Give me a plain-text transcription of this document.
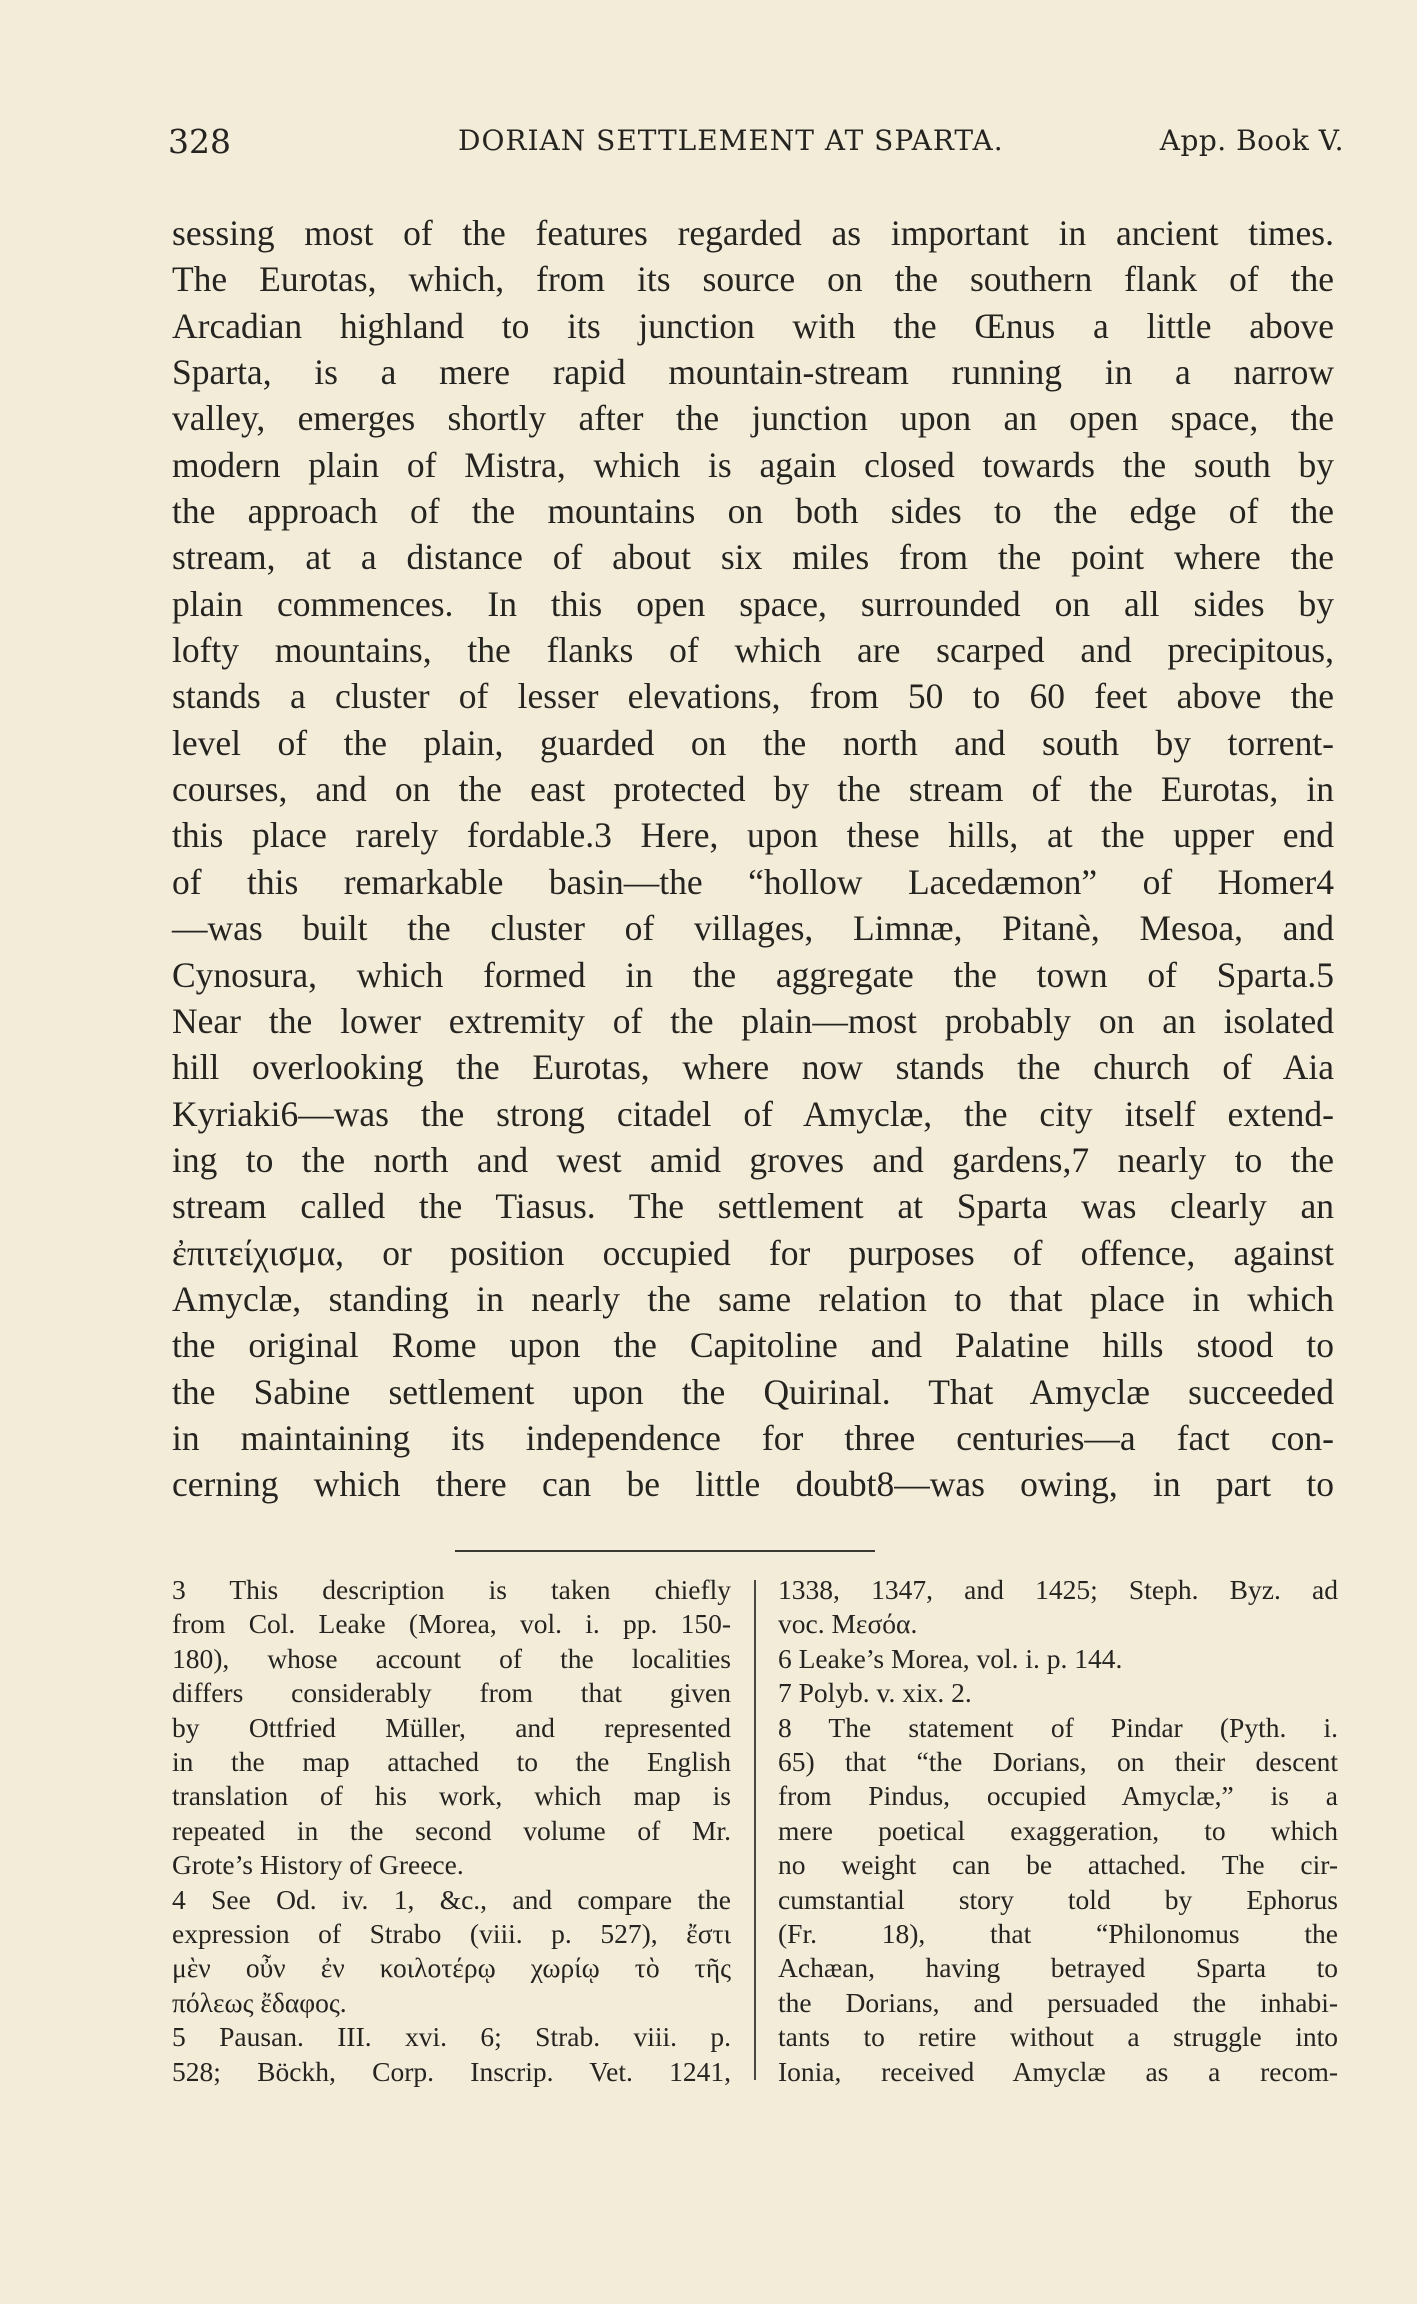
328	DORIAN SETTLEMENT AT SPARTA.	App. Book V.
sessing most of the features regarded as important in ancient times.
The Eurotas, which, from its source on the southern flank of the
Arcadian highland to its junction with the Œnus a little above
Sparta, is a mere rapid mountain-stream running in a narrow
valley, emerges shortly after the junction upon an open space, the
modern plain of Mistra, which is again closed towards the south by
the approach of the mountains on both sides to the edge of the
stream, at a distance of about six miles from the point where the
plain commences. In this open space, surrounded on all sides by
lofty mountains, the flanks of which are scarped and precipitous,
stands a cluster of lesser elevations, from 50 to 60 feet above the
level of the plain, guarded on the north and south by torrent-
courses, and on the east protected by the stream of the Eurotas, in
this place rarely fordable.3 Here, upon these hills, at the upper end
of this remarkable basin—the “hollow Lacedæmon” of Homer4
—was built the cluster of villages, Limnæ, Pitanè, Mesoa, and
Cynosura, which formed in the aggregate the town of Sparta.5
Near the lower extremity of the plain—most probably on an isolated
hill overlooking the Eurotas, where now stands the church of Aia
Kyriaki6—was the strong citadel of Amyclæ, the city itself extend-
ing to the north and west amid groves and gardens,7 nearly to the
stream called the Tiasus. The settlement at Sparta was clearly an
ἐπιτείχισμα, or position occupied for purposes of offence, against
Amyclæ, standing in nearly the same relation to that place in which
the original Rome upon the Capitoline and Palatine hills stood to
the Sabine settlement upon the Quirinal. That Amyclæ succeeded
in maintaining its independence for three centuries—a fact con-
cerning which there can be little doubt8—was owing, in part to
3 This description is taken chiefly
from Col. Leake (Morea, vol. i. pp. 150-
180), whose account of the localities
differs considerably from that given
by Ottfried Müller, and represented
in the map attached to the English
translation of his work, which map is
repeated in the second volume of Mr.
Grote’s History of Greece.
4 See Od. iv. 1, &c., and compare the
expression of Strabo (viii. p. 527), ἔστι
μὲν οὖν ἐν κοιλοτέρῳ χωρίῳ τὸ τῆς
πόλεως ἔδαφος.
5 Pausan. III. xvi. 6; Strab. viii. p.
528; Böckh, Corp. Inscrip. Vet. 1241,
1338, 1347, and 1425; Steph. Byz. ad
voc. Μεσόα.
6 Leake’s Morea, vol. i. p. 144.
7 Polyb. v. xix. 2.
8 The statement of Pindar (Pyth. i.
65) that “the Dorians, on their descent
from Pindus, occupied Amyclæ,” is a
mere poetical exaggeration, to which
no weight can be attached. The cir-
cumstantial story told by Ephorus
(Fr. 18), that “Philonomus the
Achæan, having betrayed Sparta to
the Dorians, and persuaded the inhabi-
tants to retire without a struggle into
Ionia, received Amyclæ as a recom-
